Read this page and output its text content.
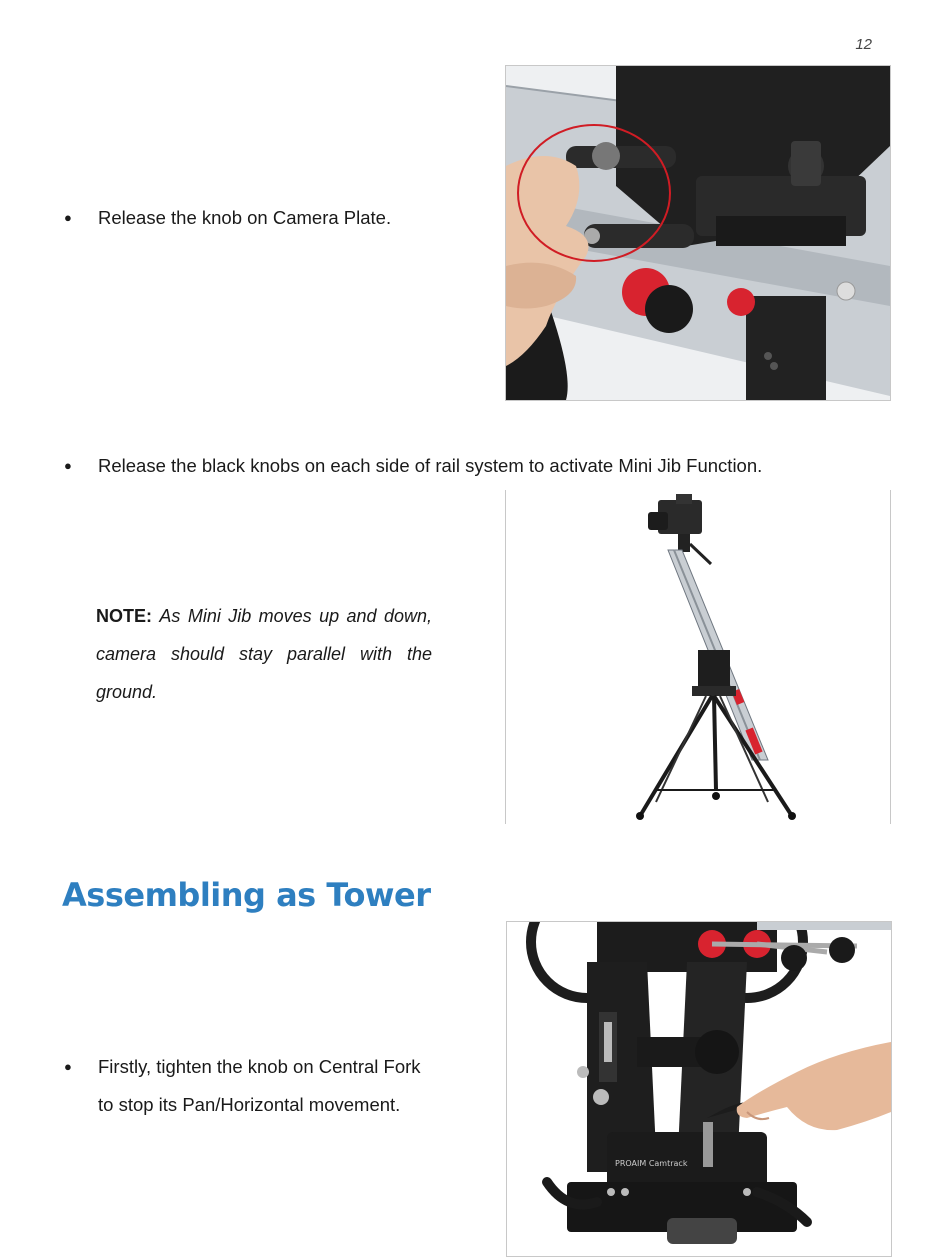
12
●	Release the knob on Camera Plate.
●	Release the black knobs on each side of rail system to activate Mini Jib Function.
NOTE: As Mini Jib moves up and down, camera should stay parallel with the ground.
Assembling as Tower
●	Firstly, tighten the knob on Central Fork
to stop its Pan/Horizontal movement.
PROAIM Camtrack
